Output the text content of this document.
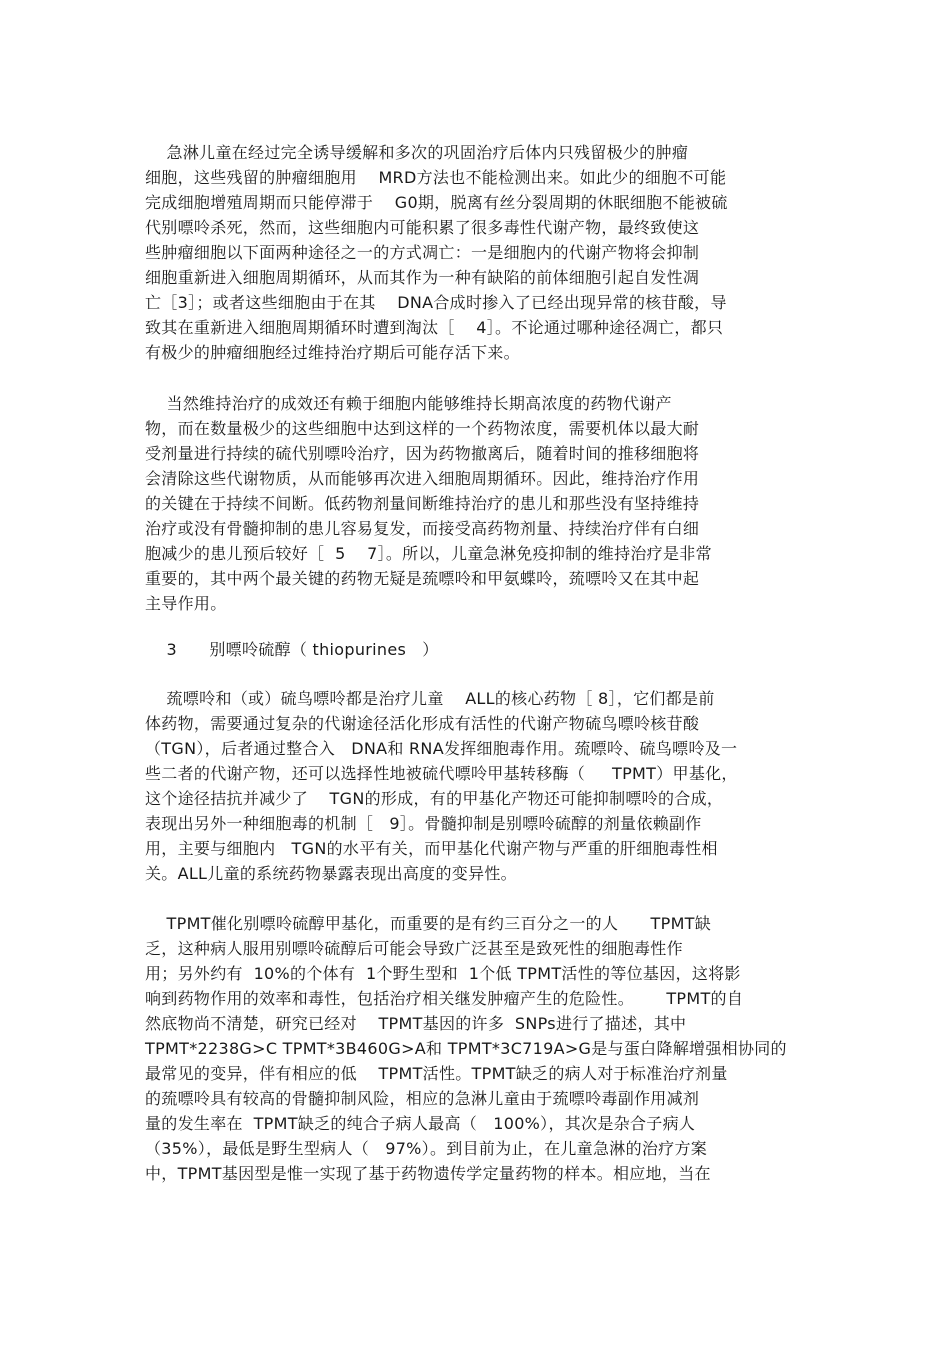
急淋儿童在经过完全诱导缓解和多次的巩固治疗后体内只残留极少的肿瘤
细胞，这些残留的肿瘤细胞用    MRD方法也不能检测出来。如此少的细胞不可能
完成细胞增殖周期而只能停滞于    G0期，脱离有丝分裂周期的休眠细胞不能被硫
代别嘌呤杀死，然而，这些细胞内可能积累了很多毒性代谢产物，最终致使这
些肿瘤细胞以下面两种途径之一的方式凋亡：一是细胞内的代谢产物将会抑制
细胞重新进入细胞周期循环，从而其作为一种有缺陷的前体细胞引起自发性凋
亡［3］；或者这些细胞由于在其    DNA合成时掺入了已经出现异常的核苷酸，导
致其在重新进入细胞周期循环时遭到淘汰［    4］。不论通过哪种途径凋亡，都只
有极少的肿瘤细胞经过维持治疗期后可能存活下来。
当然维持治疗的成效还有赖于细胞内能够维持长期高浓度的药物代谢产
物，而在数量极少的这些细胞中达到这样的一个药物浓度，需要机体以最大耐
受剂量进行持续的硫代别嘌呤治疗，因为药物撤离后，随着时间的推移细胞将
会清除这些代谢物质，从而能够再次进入细胞周期循环。因此，维持治疗作用
的关键在于持续不间断。低药物剂量间断维持治疗的患儿和那些没有坚持维持
治疗或没有骨髓抑制的患儿容易复发，而接受高药物剂量、持续治疗伴有白细
胞减少的患儿预后较好［  5    7］。所以，儿童急淋免疫抑制的维持治疗是非常
重要的，其中两个最关键的药物无疑是巯嘌呤和甲氨蝶呤，巯嘌呤又在其中起
主导作用。
3      别嘌呤硫醇（ thiopurines   ）
巯嘌呤和（或）硫鸟嘌呤都是治疗儿童    ALL的核心药物［ 8］，它们都是前
体药物，需要通过复杂的代谢途径活化形成有活性的代谢产物硫鸟嘌呤核苷酸
（TGN），后者通过整合入   DNA和 RNA发挥细胞毒作用。巯嘌呤、硫鸟嘌呤及一
些二者的代谢产物，还可以选择性地被硫代嘌呤甲基转移酶（     TPMT）甲基化，
这个途径拮抗并减少了    TGN的形成，有的甲基化产物还可能抑制嘌呤的合成，
表现出另外一种细胞毒的机制［   9］。骨髓抑制是别嘌呤硫醇的剂量依赖副作
用，主要与细胞内   TGN的水平有关，而甲基化代谢产物与严重的肝细胞毒性相
关。ALL儿童的系统药物暴露表现出高度的变异性。
TPMT催化别嘌呤硫醇甲基化，而重要的是有约三百分之一的人      TPMT缺
乏，这种病人服用别嘌呤硫醇后可能会导致广泛甚至是致死性的细胞毒性作
用；另外约有  10%的个体有  1个野生型和  1个低 TPMT活性的等位基因，这将影
响到药物作用的效率和毒性，包括治疗相关继发肿瘤产生的危险性。      TPMT的自
然底物尚不清楚，研究已经对    TPMT基因的许多  SNPs进行了描述，其中
TPMT*2238G>C TPMT*3B460G>A和 TPMT*3C719A>G是与蛋白降解增强相协同的
最常见的变异，伴有相应的低    TPMT活性。TPMT缺乏的病人对于标准治疗剂量
的巯嘌呤具有较高的骨髓抑制风险，相应的急淋儿童由于巯嘌呤毒副作用减剂
量的发生率在  TPMT缺乏的纯合子病人最高（   100%），其次是杂合子病人
（35%），最低是野生型病人（   97%）。到目前为止，在儿童急淋的治疗方案
中，TPMT基因型是惟一实现了基于药物遗传学定量药物的样本。相应地，当在
